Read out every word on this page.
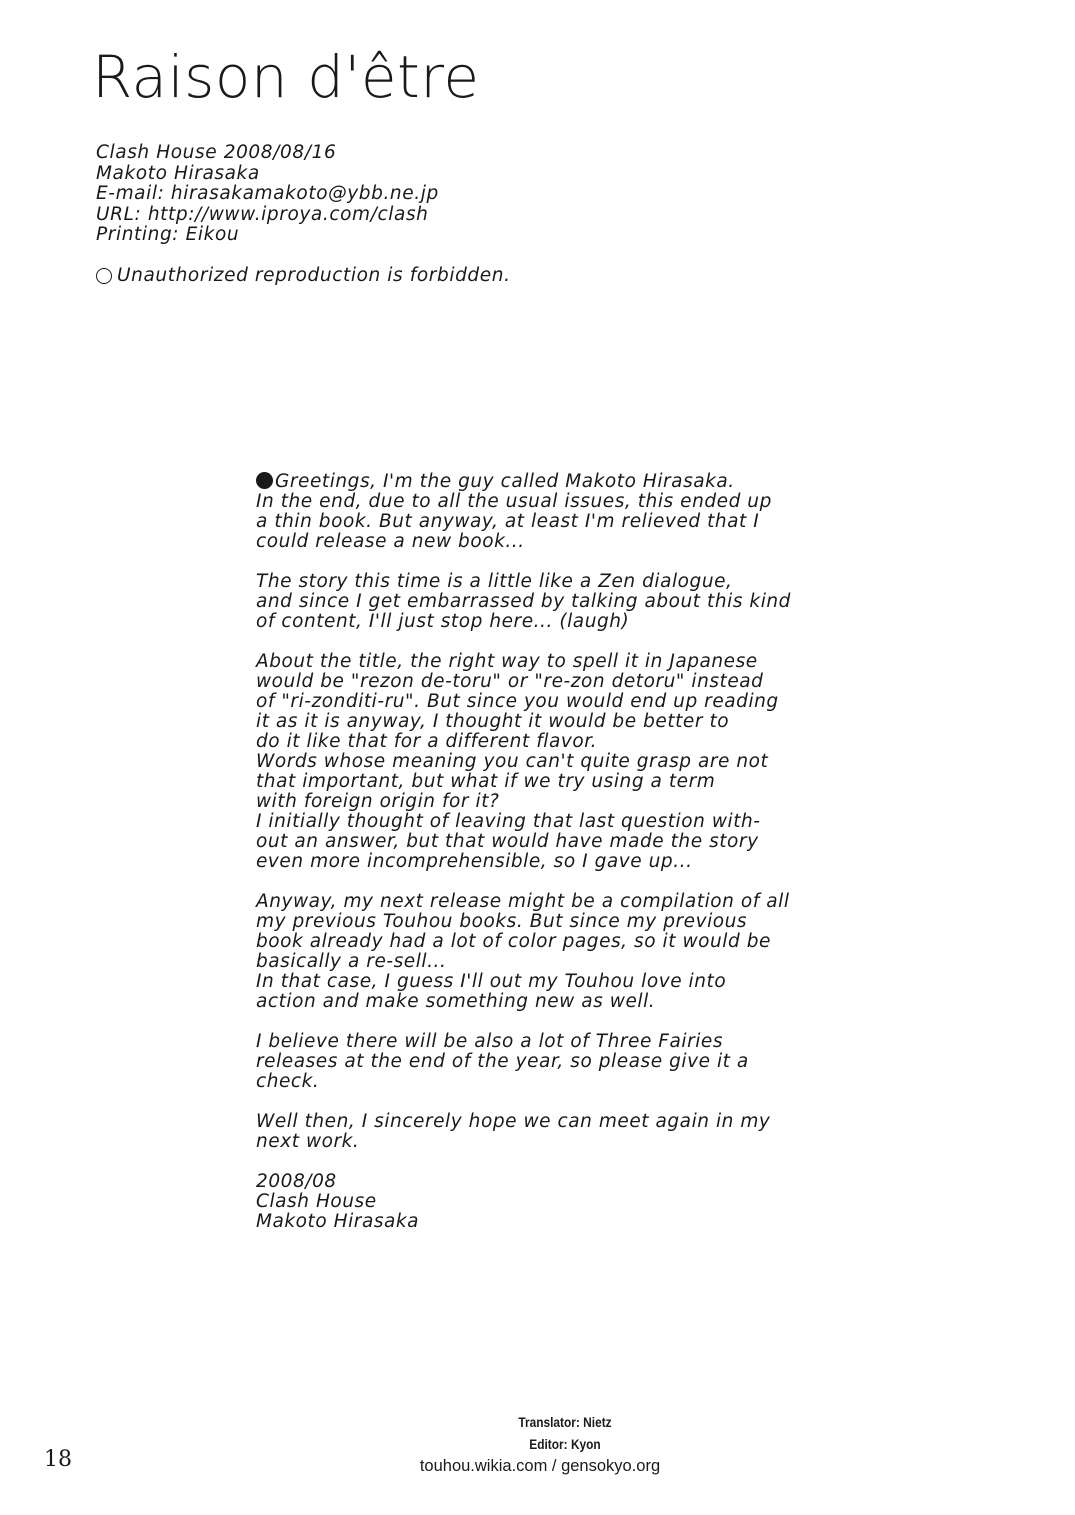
Raison d'être
Clash House 2008/08/16
Makoto Hirasaka
E-mail: hirasakamakoto@ybb.ne.jp
URL: http://www.iproya.com/clash
Printing: Eikou
Unauthorized reproduction is forbidden.
Greetings, I'm the guy called Makoto Hirasaka.
In the end, due to all the usual issues, this ended up
a thin book. But anyway, at least I'm relieved that I
could release a new book...
The story this time is a little like a Zen dialogue,
and since I get embarrassed by talking about this kind
of content, I'll just stop here... (laugh)
About the title, the right way to spell it in Japanese
would be "rezon de-toru" or "re-zon detoru" instead
of "ri-zonditi-ru". But since you would end up reading
it as it is anyway, I thought it would be better to
do it like that for a different flavor.
Words whose meaning you can't quite grasp are not
that important, but what if we try using a term
with foreign origin for it?
I initially thought of leaving that last question with-
out an answer, but that would have made the story
even more incomprehensible, so I gave up...
Anyway, my next release might be a compilation of all
my previous Touhou books. But since my previous
book already had a lot of color pages, so it would be
basically a re-sell...
In that case, I guess I'll out my Touhou love into
action and make something new as well.
I believe there will be also a lot of Three Fairies
releases at the end of the year, so please give it a
check.
Well then, I sincerely hope we can meet again in my
next work.
2008/08
Clash House
Makoto Hirasaka
18
Translator: Nietz
Editor: Kyon
touhou.wikia.com / gensokyo.org
